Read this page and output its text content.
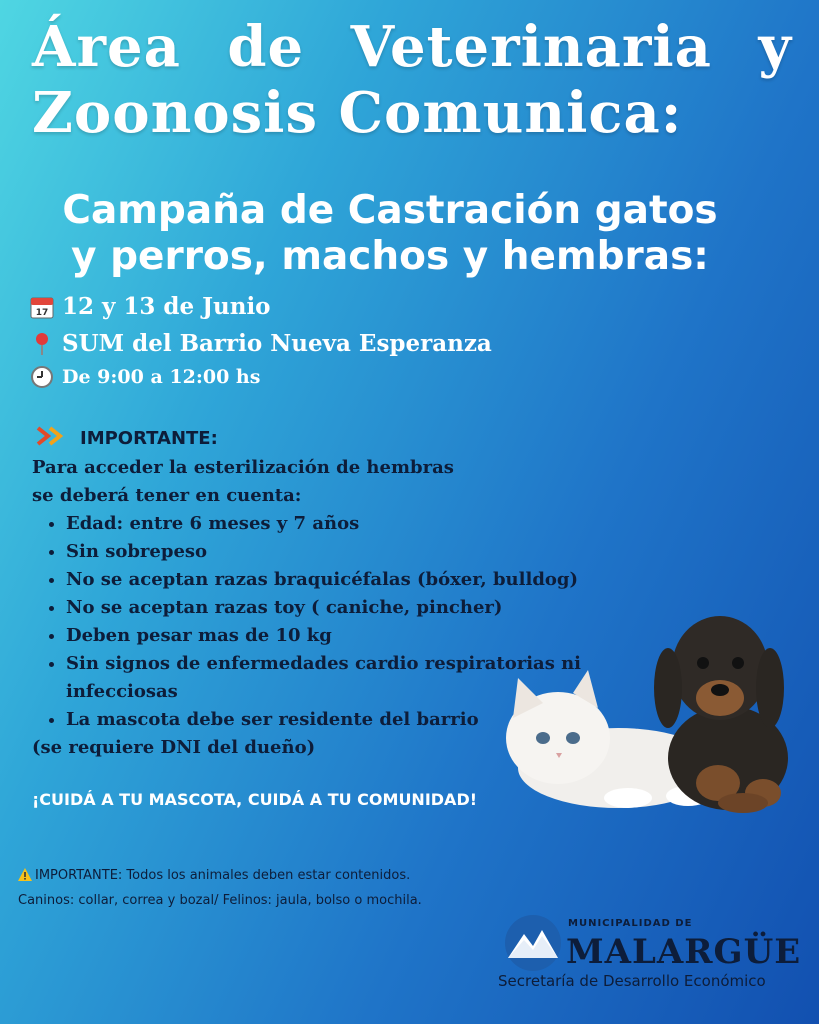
Área de Veterinaria y
Zoonosis Comunica:
Campaña de Castración gatos
y perros, machos y hembras:
17 12 y 13 de Junio
SUM del Barrio Nueva Esperanza
De 9:00 a 12:00 hs
IMPORTANTE:
Para acceder la esterilización de hembras
se deberá tener en cuenta:
• Edad: entre 6 meses y 7 años
• Sin sobrepeso
• No se aceptan razas braquicéfalas (bóxer, bulldog)
• No se aceptan razas toy ( caniche, pincher)
• Deben pesar mas de 10 kg
• Sin signos de enfermedades cardio respiratorias ni infecciosas
• La mascota debe ser residente del barrio
(se requiere DNI del dueño)
¡CUIDÁ A TU MASCOTA, CUIDÁ A TU COMUNIDAD!
IMPORTANTE: Todos los animales deben estar contenidos.
Caninos: collar, correa y bozal/ Felinos: jaula, bolso o mochila.
MUNICIPALIDAD DE
MALARGÜE
Secretaría de Desarrollo Económico
